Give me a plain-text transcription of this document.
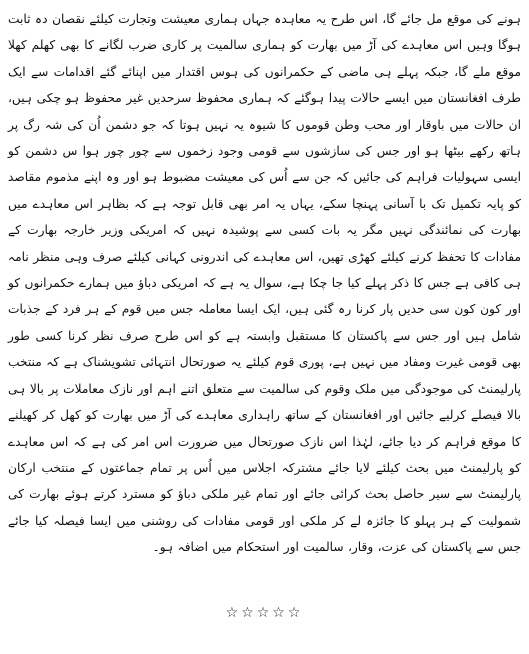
ہونے کی موقع مل جائے گا، اس طرح یہ معاہدہ جہاں ہماری معیشت وتجارت کیلئے نقصان دہ ثابت ہوگا وہیں اس معاہدے کی آڑ میں بھارت کو ہماری سالمیت پر کاری ضرب لگانے کا بھی کھلم کھلا موقع ملے گا، جبکہ پہلے ہی ماضی کے حکمرانوں کی ہوس اقتدار میں اپنائے گئے اقدامات سے ایک طرف افغانستان میں ایسے حالات پیدا ہوگئے کہ ہماری محفوظ سرحدیں غیر محفوظ ہو چکی ہیں، ان حالات میں باوقار اور محب وطن قوموں کا شیوہ یہ نہیں ہوتا کہ جو دشمن اُن کی شہ رگ پر ہاتھ رکھے بیٹھا ہو اور جس کی سازشوں سے قومی وجود زخموں سے چور چور ہوا س دشمن کو ایسی سہولیات فراہم کی جائیں کہ جن سے اُس کی معیشت مضبوط ہو اور وہ اپنے مذموم مقاصد کو پایہ تکمیل تک با آسانی پہنچا سکے، یہاں یہ امر بھی قابل توجہ ہے کہ بظاہر اس معاہدے میں بھارت کی نمائندگی نہیں مگر یہ بات کسی سے پوشیدہ نہیں کہ امریکی وزیر خارجہ بھارت کے مفادات کا تحفظ کرنے کیلئے کھڑی تھیں، اس معاہدے کی اندرونی کہانی کیلئے صرف وہی منظر نامہ ہی کافی ہے جس کا ذکر پہلے کیا جا چکا ہے، سوال یہ ہے کہ امریکی دباؤ میں ہمارے حکمرانوں کو اور کون کون سی حدیں پار کرنا رہ گئی ہیں، ایک ایسا معاملہ جس میں قوم کے ہر فرد کے جذبات شامل ہیں اور جس سے پاکستان کا مستقبل وابستہ ہے کو اس طرح صرف نظر کرنا کسی طور بھی قومی غیرت ومفاد میں نہیں ہے، پوری قوم کیلئے یہ صورتحال انتہائی تشویشناک ہے کہ منتخب پارلیمنٹ کی موجودگی میں ملک وقوم کی سالمیت سے متعلق اتنے اہم اور نازک معاملات پر بالا ہی بالا فیصلے کرلیے جائیں اور افغانستان کے ساتھ راہداری معاہدے کی آڑ میں بھارت کو کھل کر کھیلنے کا موقع فراہم کر دیا جائے، لہٰذا اس نازک صورتحال میں ضرورت اس امر کی ہے کہ اس معاہدے کو پارلیمنٹ میں بحث کیلئے لایا جائے مشترکہ اجلاس میں اُس پر تمام جماعتوں کے منتخب ارکان پارلیمنٹ سے سیر حاصل بحث کرائی جائے اور تمام غیر ملکی دباؤ کو مسترد کرتے ہوئے بھارت کی شمولیت کے ہر پہلو کا جائزہ لے کر ملکی اور قومی مفادات کی روشنی میں ایسا فیصلہ کیا جائے جس سے پاکستان کی عزت، وقار، سالمیت اور استحکام میں اضافہ ہو۔

☆☆☆☆☆
